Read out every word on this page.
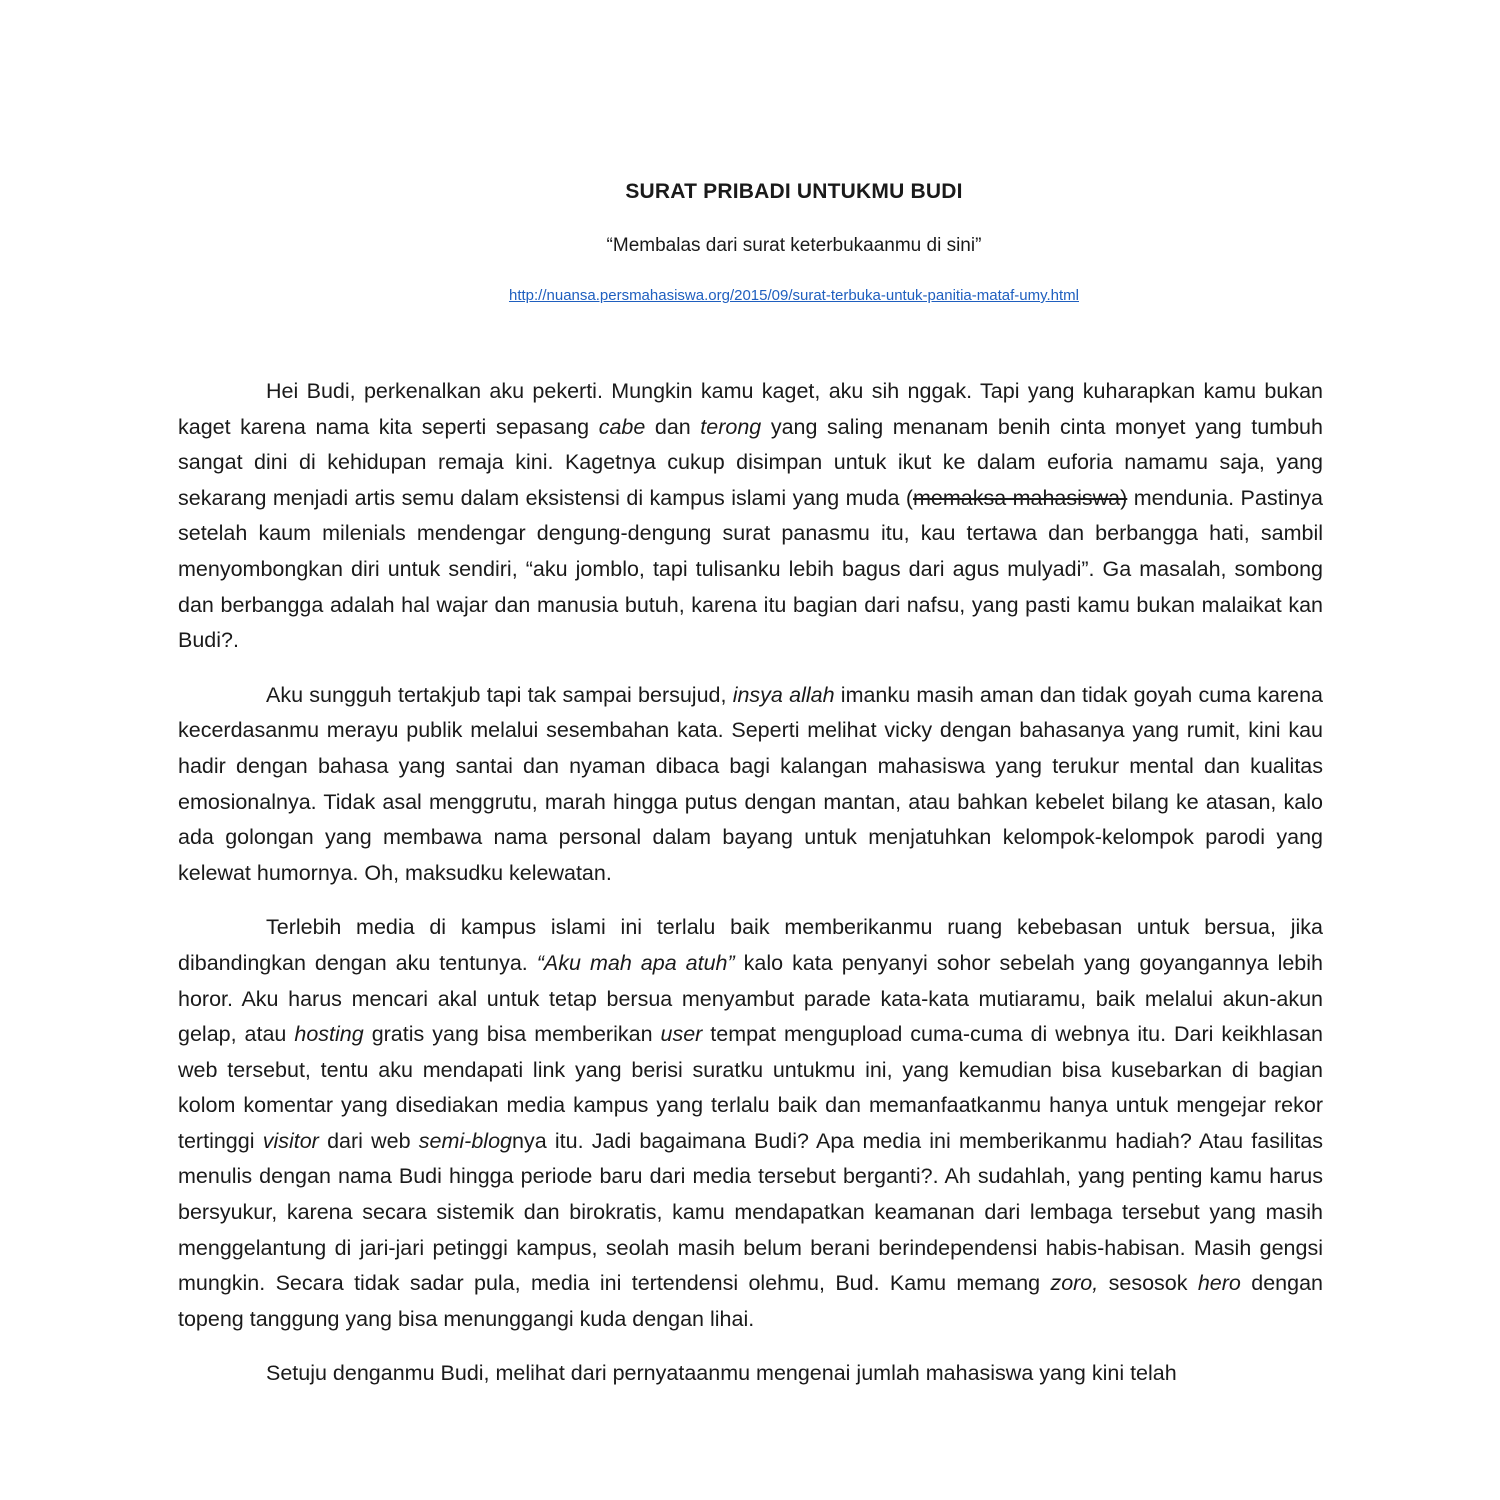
SURAT PRIBADI UNTUKMU BUDI
“Membalas dari surat keterbukaanmu di sini”
http://nuansa.persmahasiswa.org/2015/09/surat-terbuka-untuk-panitia-mataf-umy.html

Hei Budi, perkenalkan aku pekerti. Mungkin kamu kaget, aku sih nggak. Tapi yang kuharapkan kamu bukan kaget karena nama kita seperti sepasang cabe dan terong yang saling menanam benih cinta monyet yang tumbuh sangat dini di kehidupan remaja kini. Kagetnya cukup disimpan untuk ikut ke dalam euforia namamu saja, yang sekarang menjadi artis semu dalam eksistensi di kampus islami yang muda (memaksa mahasiswa) mendunia. Pastinya setelah kaum milenials mendengar dengung-dengung surat panasmu itu, kau tertawa dan berbangga hati, sambil menyombongkan diri untuk sendiri, “aku jomblo, tapi tulisanku lebih bagus dari agus mulyadi”. Ga masalah, sombong dan berbangga adalah hal wajar dan manusia butuh, karena itu bagian dari nafsu, yang pasti kamu bukan malaikat kan Budi?.

Aku sungguh tertakjub tapi tak sampai bersujud, insya allah imanku masih aman dan tidak goyah cuma karena kecerdasanmu merayu publik melalui sesembahan kata. Seperti melihat vicky dengan bahasanya yang rumit, kini kau hadir dengan bahasa yang santai dan nyaman dibaca bagi kalangan mahasiswa yang terukur mental dan kualitas emosionalnya. Tidak asal menggrutu, marah hingga putus dengan mantan, atau bahkan kebelet bilang ke atasan, kalo ada golongan yang membawa nama personal dalam bayang untuk menjatuhkan kelompok-kelompok parodi yang kelewat humornya. Oh, maksudku kelewatan.

Terlebih media di kampus islami ini terlalu baik memberikanmu ruang kebebasan untuk bersua, jika dibandingkan dengan aku tentunya. “Aku mah apa atuh” kalo kata penyanyi sohor sebelah yang goyangannya lebih horor. Aku harus mencari akal untuk tetap bersua menyambut parade kata-kata mutiaramu, baik melalui akun-akun gelap, atau hosting gratis yang bisa memberikan user tempat mengupload cuma-cuma di webnya itu. Dari keikhlasan web tersebut, tentu aku mendapati link yang berisi suratku untukmu ini, yang kemudian bisa kusebarkan di bagian kolom komentar yang disediakan media kampus yang terlalu baik dan memanfaatkanmu hanya untuk mengejar rekor tertinggi visitor dari web semi-blognya itu. Jadi bagaimana Budi? Apa media ini memberikanmu hadiah? Atau fasilitas menulis dengan nama Budi hingga periode baru dari media tersebut berganti?. Ah sudahlah, yang penting kamu harus bersyukur, karena secara sistemik dan birokratis, kamu mendapatkan keamanan dari lembaga tersebut yang masih menggelantung di jari-jari petinggi kampus, seolah masih belum berani berindependensi habis-habisan. Masih gengsi mungkin. Secara tidak sadar pula, media ini tertendensi olehmu, Bud. Kamu memang zoro, sesosok hero dengan topeng tanggung yang bisa menunggangi kuda dengan lihai.

Setuju denganmu Budi, melihat dari pernyataanmu mengenai jumlah mahasiswa yang kini telah
